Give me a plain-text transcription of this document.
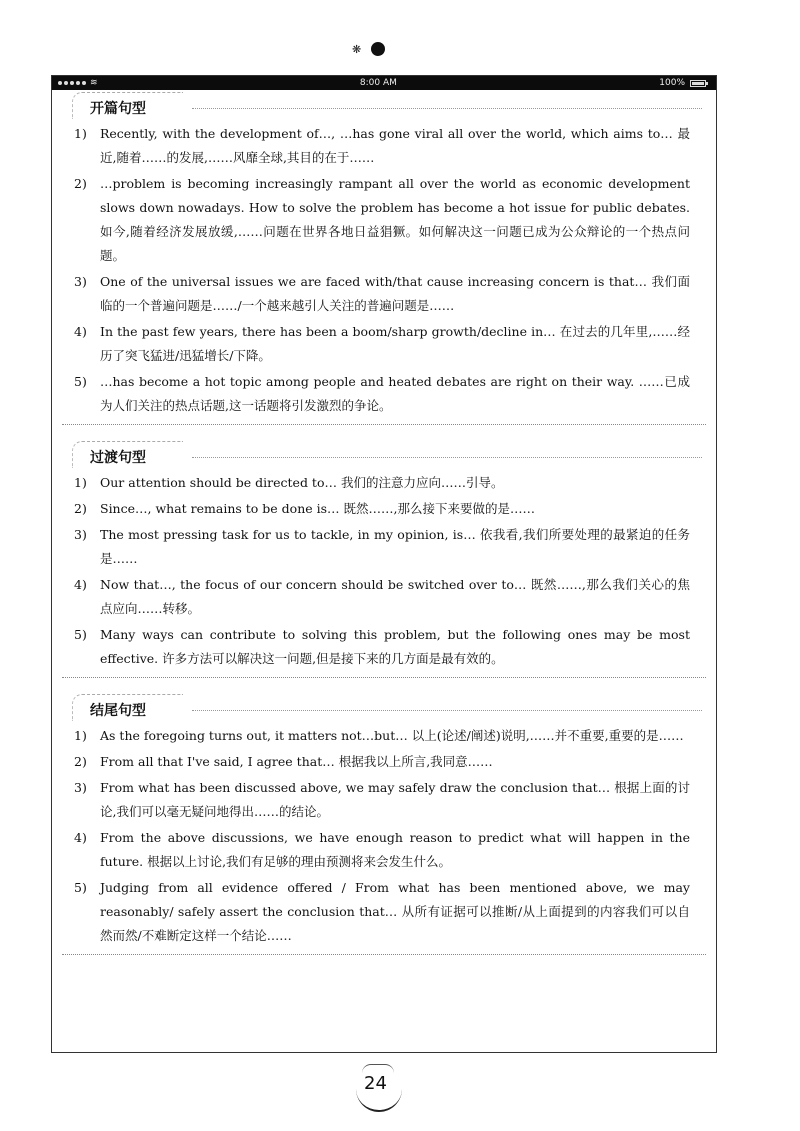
❋
≋	8:00 AM	100%
开篇句型
1)	Recently, with the development of…, …has gone viral all over the world, which aims to… 最近,随着……的发展,……风靡全球,其目的在于……
2)	…problem is becoming increasingly rampant all over the world as economic development slows down nowadays. How to solve the problem has become a hot issue for public debates. 如今,随着经济发展放缓,……问题在世界各地日益猖獗。如何解决这一问题已成为公众辩论的一个热点问题。
3)	One of the universal issues we are faced with/that cause increasing concern is that… 我们面临的一个普遍问题是……/一个越来越引人关注的普遍问题是……
4)	In the past few years, there has been a boom/sharp growth/decline in… 在过去的几年里,……经历了突飞猛进/迅猛增长/下降。
5)	…has become a hot topic among people and heated debates are right on their way. ……已成为人们关注的热点话题,这一话题将引发激烈的争论。
过渡句型
1)	Our attention should be directed to… 我们的注意力应向……引导。
2)	Since…, what remains to be done is… 既然……,那么接下来要做的是……
3)	The most pressing task for us to tackle, in my opinion, is… 依我看,我们所要处理的最紧迫的任务是……
4)	Now that…, the focus of our concern should be switched over to… 既然……,那么我们关心的焦点应向……转移。
5)	Many ways can contribute to solving this problem, but the following ones may be most effective. 许多方法可以解决这一问题,但是接下来的几方面是最有效的。
结尾句型
1)	As the foregoing turns out, it matters not…but… 以上(论述/阐述)说明,……并不重要,重要的是……
2)	From all that I've said, I agree that… 根据我以上所言,我同意……
3)	From what has been discussed above, we may safely draw the conclusion that… 根据上面的讨论,我们可以毫无疑问地得出……的结论。
4)	From the above discussions, we have enough reason to predict what will happen in the future. 根据以上讨论,我们有足够的理由预测将来会发生什么。
5)	Judging from all evidence offered / From what has been mentioned above, we may reasonably/ safely assert the conclusion that… 从所有证据可以推断/从上面提到的内容我们可以自然而然/不难断定这样一个结论……
24
